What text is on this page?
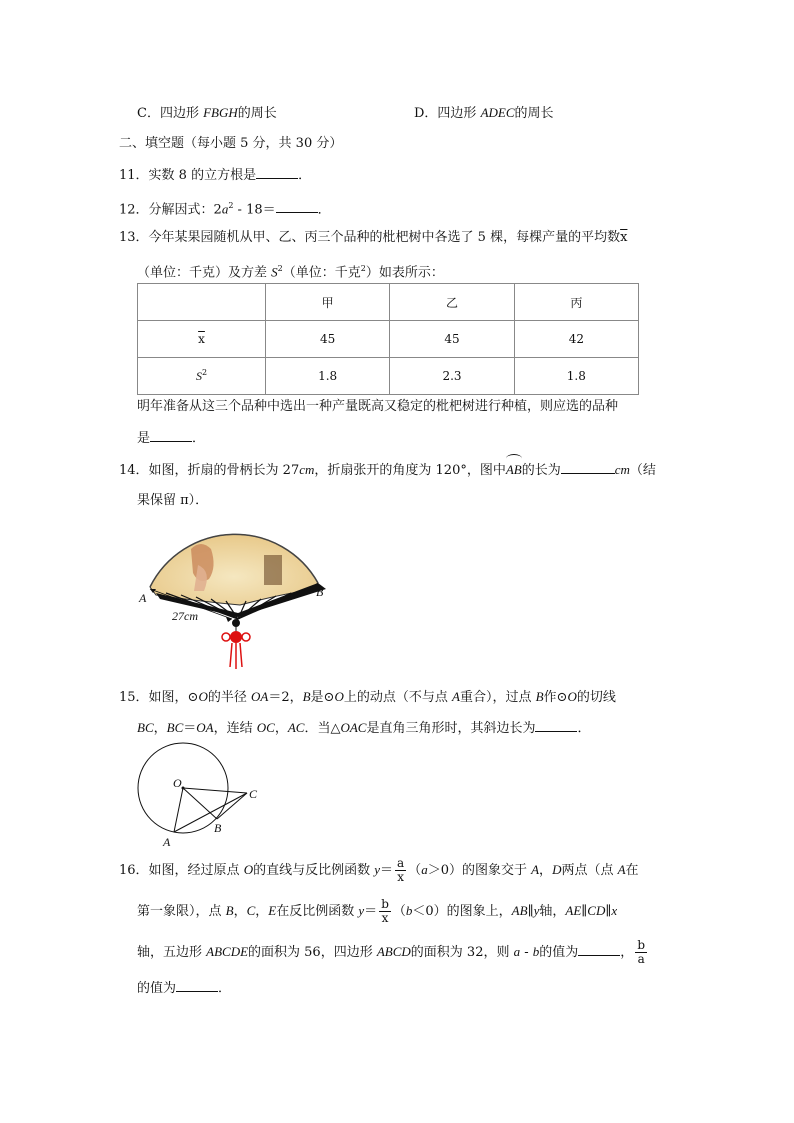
C．四边形 FBGH的周长	D．四边形 ADEC的周长
二、填空题（每小题 5 分，共 30 分）
11．实数 8 的立方根是	．
12．分解因式：$2a^2 - 18=$	．
13．今年某果园随机从甲、乙、丙三个品种的枇杷树中各选了 5 棵，每棵产量的平均数$\overline{x}$
（单位：千克）及方差 $S^2$（单位：千克$^2$）如表所示：
	甲	乙	丙
$\overline{x}$	45	45	42
$S^2$	1.8	2.3	1.8
明年准备从这三个品种中选出一种产量既高又稳定的枇杷树进行种植，则应选的品种
是	．
14．如图，折扇的骨柄长为 27cm，折扇张开的角度为 120°，图中AB
的长为	cm（结
果保留 π）．
A	B
27cm
15．如图，⊙O的半径 OA＝2，B是⊙O上的动点（不与点 A重合），过点 B作⊙O的切线
BC，BC＝OA，连结 OC，AC．当△OAC是直角三角形时，其斜边长为	．
O
A
B
C
16．如图，经过原点 O的直线与反比例函数 $y= \frac{a}{x} (a>0)$的图象交于 A，D两点（点 A在
第一象限），点 B，C，E在反比例函数 $y= \frac{b}{x} (b<0)$的图象上，AB∥y轴，AE∥CD∥x
轴，五边形 ABCDE的面积为 56，四边形 ABCD的面积为 32，则 a - b的值为	， $\frac{b}{a}$
的值为	．
